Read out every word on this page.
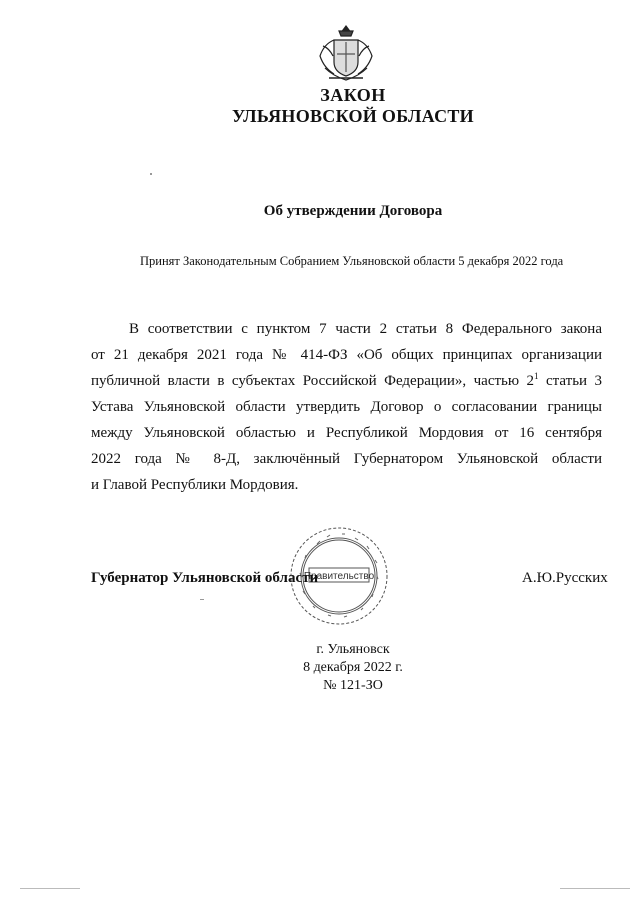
ЗАКОН
УЛЬЯНОВСКОЙ ОБЛАСТИ
Об утверждении Договора
Принят Законодательным Собранием Ульяновской области 5 декабря 2022 года
В соответствии с пунктом 7 части 2 статьи 8 Федерального закона
от 21 декабря 2021 года № 414-ФЗ «Об общих принципах организации
публичной власти в субъектах Российской Федерации», частью $2^1$ статьи 3
Устава Ульяновской области утвердить Договор о согласовании границы
между Ульяновской областью и Республикой Мордовия от 16 сентября
2022 года № 8-Д, заключённый Губернатором Ульяновской области
и Главой Республики Мордовия.
Правительство
Губернатор Ульяновской области	А.Ю.Русских
г. Ульяновск
8 декабря 2022 г.
№ 121-ЗО
